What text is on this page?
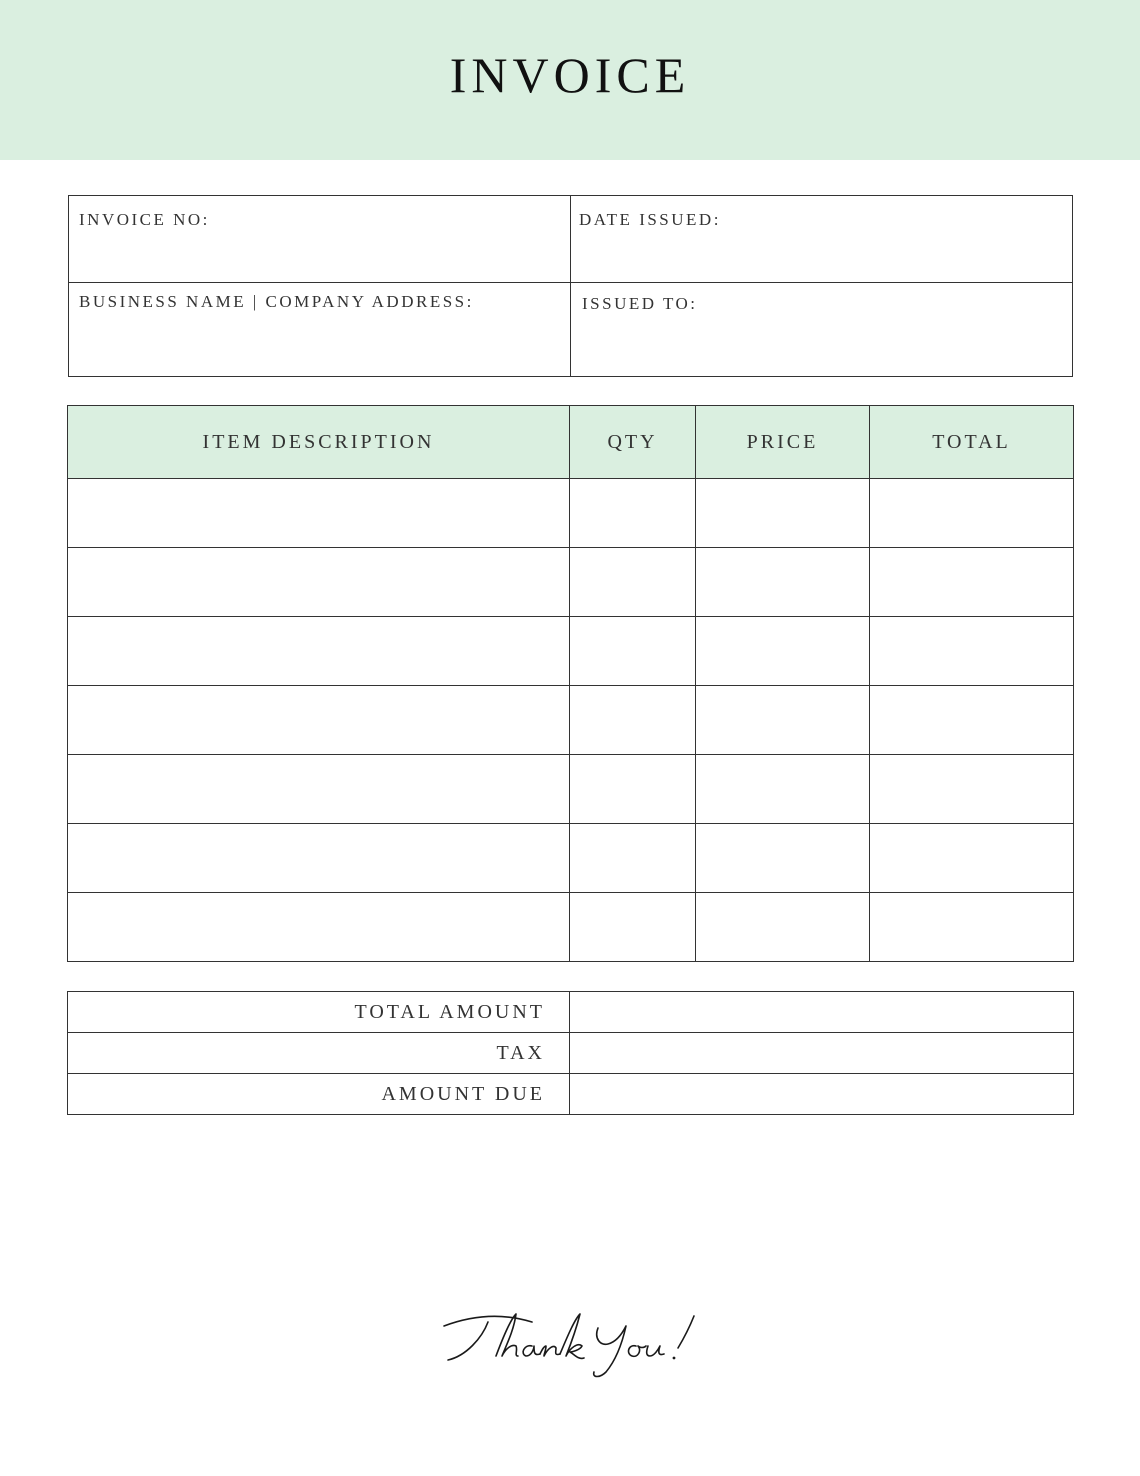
INVOICE
INVOICE NO:	DATE ISSUED:
BUSINESS NAME | COMPANY ADDRESS:	ISSUED TO:
ITEM DESCRIPTION	QTY	PRICE	TOTAL

TOTAL AMOUNT	
TAX	
AMOUNT DUE	
